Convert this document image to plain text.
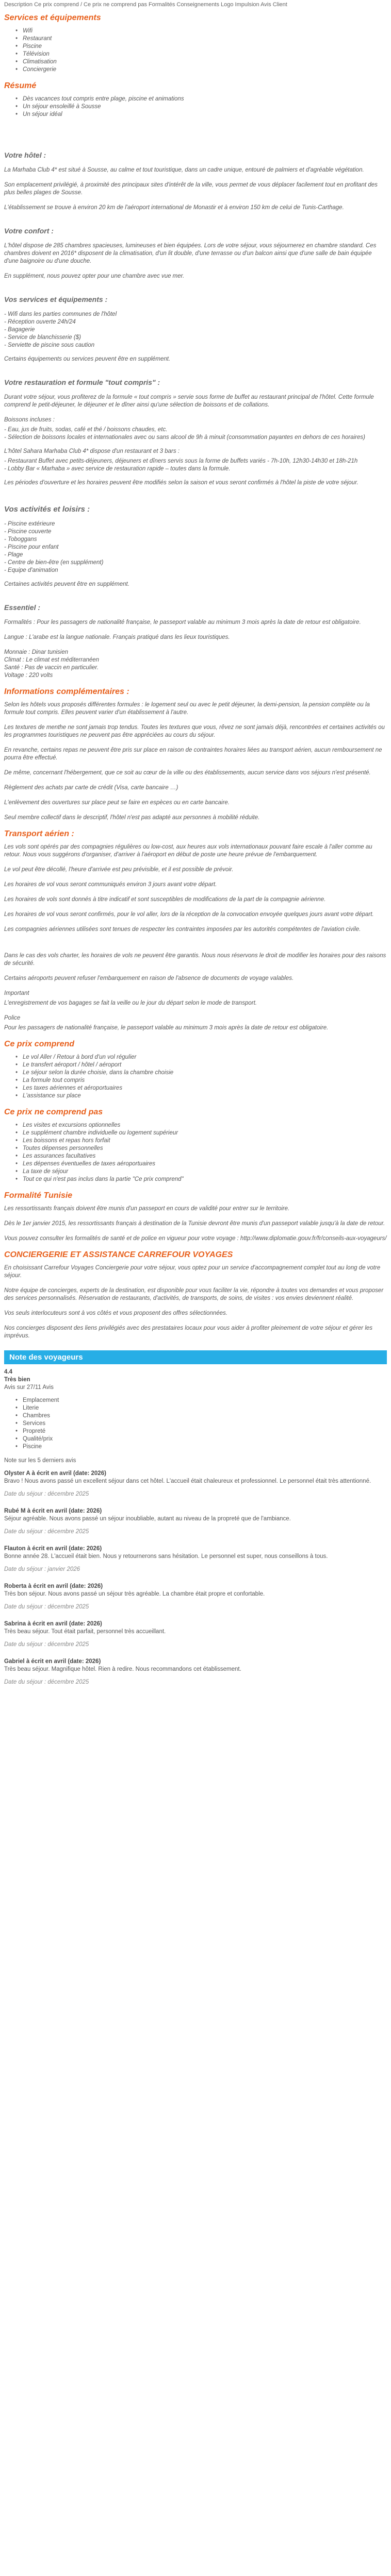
Description Ce prix comprend / Ce prix ne comprend pas Formalités Conseignements Logo Impulsion Avis Client
Services et équipements
• Wifi
• Restaurant
• Piscine
• Télévision
• Climatisation
• Conciergerie
Résumé
• Dès vacances tout compris entre plage, piscine et animations
• Un séjour ensoleillé à Sousse
• Un séjour idéal
Votre hôtel :

La Marhaba Club 4* est situé à Sousse, au calme et tout touristique, dans un cadre unique, entouré de palmiers et d'agréable végétation.

Son emplacement privilégié, à proximité des principaux sites d'intérêt de la ville, vous permet de vous déplacer facilement tout en profitant des plus belles plages de Sousse.

L'établissement se trouve à environ 20 km de l'aéroport international de Monastir et à environ 150 km de celui de Tunis-Carthage.

Votre confort :

L'hôtel dispose de 285 chambres spacieuses, lumineuses et bien équipées. Lors de votre séjour, vous séjournerez en chambre standard. Ces chambres doivent en 2016* disposent de la climatisation, d'un lit double, d'une terrasse ou d'un balcon ainsi que d'une salle de bain équipée d'une baignoire ou d'une douche.

En supplément, nous pouvez opter pour une chambre avec vue mer.

Vos services et équipements :

- Wifi dans les parties communes de l'hôtel

- Réception ouverte 24h/24

- Bagagerie

- Service de blanchisserie ($)

- Serviette de piscine sous caution

Certains équipements ou services peuvent être en supplément.

Votre restauration et formule "tout compris" :

Durant votre séjour, vous profiterez de la formule « tout compris » servie sous forme de buffet au restaurant principal de l'hôtel. Cette formule comprend le petit-déjeuner, le déjeuner et le dîner ainsi qu'une sélection de boissons et de collations.

Boissons incluses :

- Eau, jus de fruits, sodas, café et thé / boissons chaudes, etc.

- Sélection de boissons locales et internationales avec ou sans alcool de 9h à minuit (consommation payantes en dehors de ces horaires)

L'hôtel Sahara Marhaba Club 4* dispose d'un restaurant et 3 bars :

- Restaurant Buffet avec petits-déjeuners, déjeuners et dîners servis sous la forme de buffets variés - 7h-10h, 12h30-14h30 et 18h-21h

- Lobby Bar « Marhaba » avec service de restauration rapide – toutes dans la formule.

Les périodes d'ouverture et les horaires peuvent être modifiés selon la saison et vous seront confirmés à l'hôtel la piste de votre séjour.

Vos activités et loisirs :

- Piscine extérieure

- Piscine couverte

- Toboggans

- Piscine pour enfant

- Plage

- Centre de bien-être (en supplément)

- Equipe d'animation

Certaines activités peuvent être en supplément.

Essentiel :

Formalités : Pour les passagers de nationalité française, le passeport valable au minimum 3 mois après la date de retour est obligatoire.

Langue : L'arabe est la langue nationale. Français pratiqué dans les lieux touristiques.

Monnaie : Dinar tunisien

Climat : Le climat est méditerranéen

Santé : Pas de vaccin en particulier.

Voltage : 220 volts

Informations complémentaires :

Selon les hôtels vous proposés différentes formules : le logement seul ou avec le petit déjeuner, la demi-pension, la pension complète ou la formule tout compris. Elles peuvent varier d'un établissement à l'autre.

Les textures de menthe ne sont jamais trop tendus. Toutes les textures que vous, rêvez ne sont jamais déjà, rencontrées et certaines activités ou les programmes touristiques ne peuvent pas être appréciées au cours du séjour.

En revanche, certains repas ne peuvent être pris sur place en raison de contraintes horaires liées au transport aérien, aucun remboursement ne pourra être effectué.

De même, concernant l'hébergement, que ce soit au cœur de la ville ou des établissements, aucun service dans vos séjours n'est présenté.

Règlement des achats par carte de crédit (Visa, carte bancaire …)

L'enlèvement des ouvertures sur place peut se faire en espèces ou en carte bancaire.

Seul membre collectif dans le descriptif, l'hôtel n'est pas adapté aux personnes à mobilité réduite.

Transport aérien :

Les vols sont opérés par des compagnies régulières ou low-cost, aux heures aux vols internationaux pouvant faire escale à l'aller comme au retour. Nous vous suggérons d'organiser, d'arriver à l'aéroport en début de poste une heure prévue de l'embarquement.

Le vol peut être décollé, l'heure d'arrivée est peu prévisible, et il est possible de prévoir.

Les horaires de vol vous seront communiqués environ 3 jours avant votre départ.

Les horaires de vols sont donnés à titre indicatif et sont susceptibles de modifications de la part de la compagnie aérienne.

Les horaires de vol vous seront confirmés, pour le vol aller, lors de la réception de la convocation envoyée quelques jours avant votre départ.

Les compagnies aériennes utilisées sont tenues de respecter les contraintes imposées par les autorités compétentes de l'aviation civile.

Dans le cas des vols charter, les horaires de vols ne peuvent être garantis. Nous nous réservons le droit de modifier les horaires pour des raisons de sécurité.

Certains aéroports peuvent refuser l'embarquement en raison de l'absence de documents de voyage valables.

Important

L'enregistrement de vos bagages se fait la veille ou le jour du départ selon le mode de transport.

Police

Pour les passagers de nationalité française, le passeport valable au minimum 3 mois après la date de retour est obligatoire.

Ce prix comprend
• Le vol Aller / Retour à bord d'un vol régulier
• Le transfert aéroport / hôtel / aéroport
• Le séjour selon la durée choisie, dans la chambre choisie
• La formule tout compris
• Les taxes aériennes et aéroportuaires
• L'assistance sur place
Ce prix ne comprend pas
• Les visites et excursions optionnelles
• Le supplément chambre individuelle ou logement supérieur
• Les boissons et repas hors forfait
• Toutes dépenses personnelles
• Les assurances facultatives
• Les dépenses éventuelles de taxes aéroportuaires
• La taxe de séjour
• Tout ce qui n'est pas inclus dans la partie "Ce prix comprend"
Formalité Tunisie

Les ressortissants français doivent être munis d'un passeport en cours de validité pour entrer sur le territoire.

Dès le 1er janvier 2015, les ressortissants français à destination de la Tunisie devront être munis d'un passeport valable jusqu'à la date de retour.

Vous pouvez consulter les formalités de santé et de police en vigueur pour votre voyage : http://www.diplomatie.gouv.fr/fr/conseils-aux-voyageurs/

CONCIERGERIE ET ASSISTANCE CARREFOUR VOYAGES

En choisissant Carrefour Voyages Conciergerie pour votre séjour, vous optez pour un service d'accompagnement complet tout au long de votre séjour.

Notre équipe de concierges, experts de la destination, est disponible pour vous faciliter la vie, répondre à toutes vos demandes et vous proposer des services personnalisés. Réservation de restaurants, d'activités, de transports, de soins, de visites : vos envies deviennent réalité.

Vos seuls interlocuteurs sont à vos côtés et vous proposent des offres sélectionnées.

Nos concierges disposent des liens privilégiés avec des prestataires locaux pour vous aider à profiter pleinement de votre séjour et gérer les imprévus.

Note des voyageurs
4.4
Très bien

Avis sur 27/11 Avis

• Emplacement
• Literie
• Chambres
• Services
• Propreté
• Qualité/prix
• Piscine

Note sur les 5 derniers avis

Olyster A à écrit en avril (date: 2026)

Bravo ! Nous avons passé un excellent séjour dans cet hôtel. L'accueil était chaleureux et professionnel. Le personnel était très attentionné.

Date du séjour : décembre 2025
Rubé M à écrit en avril (date: 2026)

Séjour agréable. Nous avons passé un séjour inoubliable, autant au niveau de la propreté que de l'ambiance.

Date du séjour : décembre 2025
Flauton à écrit en avril (date: 2026)

Bonne année 28. L'accueil était bien. Nous y retournerons sans hésitation. Le personnel est super, nous conseillons à tous.

Date du séjour : janvier 2026
Roberta à écrit en avril (date: 2026)

Très bon séjour. Nous avons passé un séjour très agréable. La chambre était propre et confortable.

Date du séjour : décembre 2025
Sabrina à écrit en avril (date: 2026)

Très beau séjour. Tout était parfait, personnel très accueillant.

Date du séjour : décembre 2025
Gabriel à écrit en avril (date: 2026)

Très beau séjour. Magnifique hôtel. Rien à redire. Nous recommandons cet établissement.

Date du séjour : décembre 2025
